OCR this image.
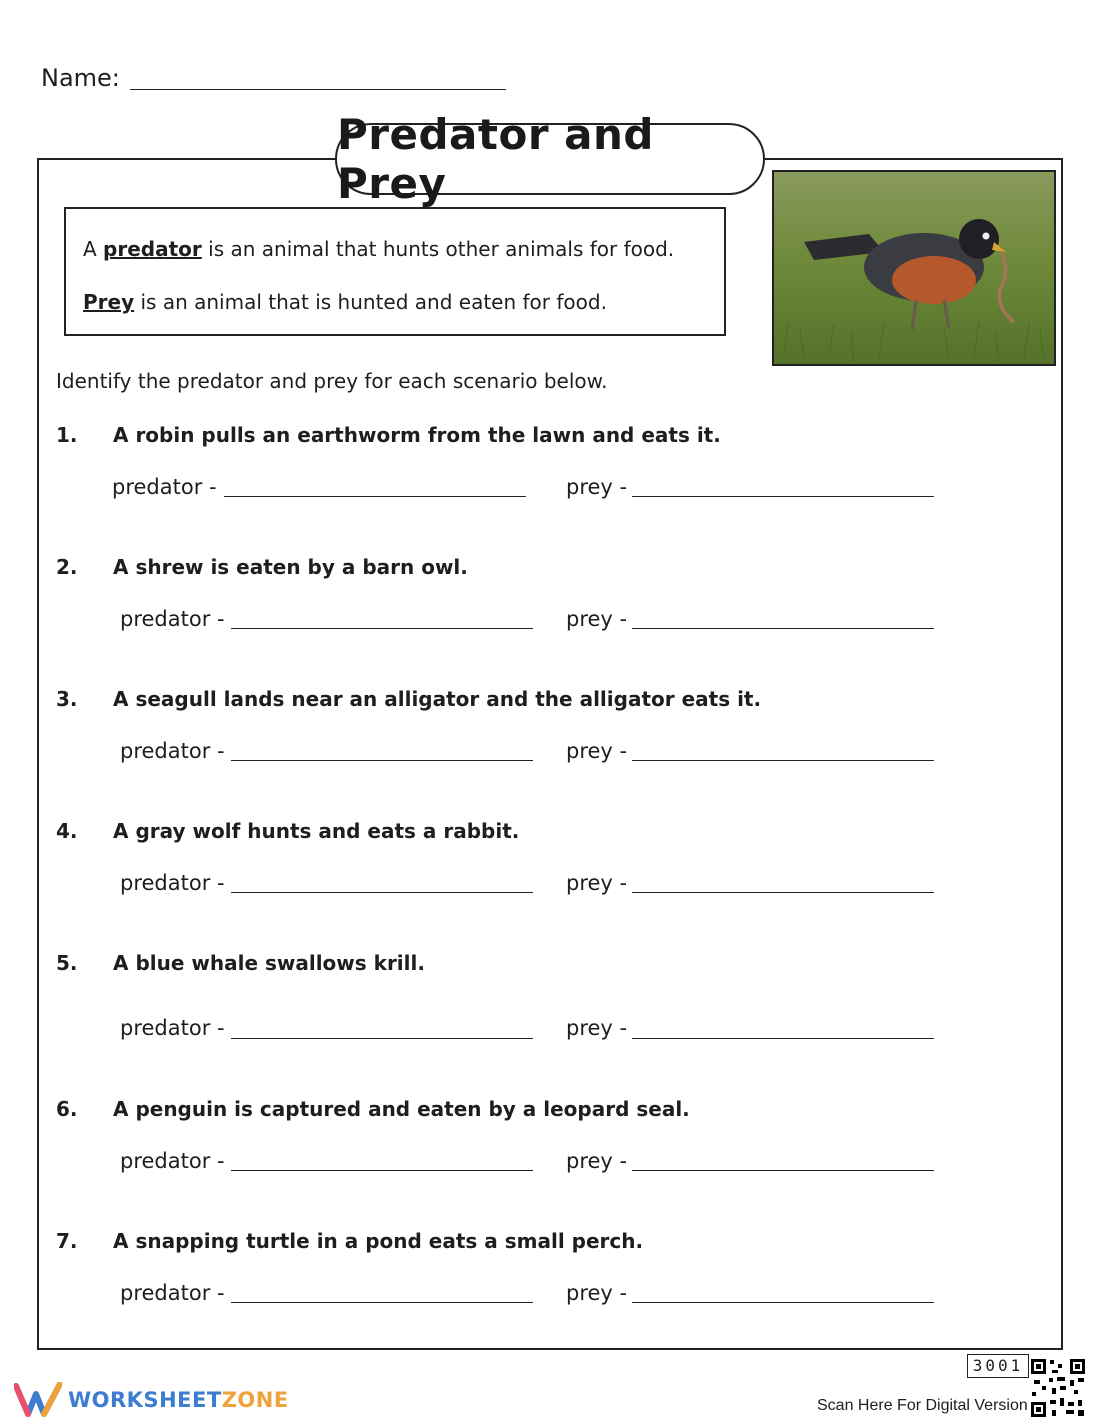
Name:
Predator and Prey
A predator is an animal that hunts other animals for food.
Prey is an animal that is hunted and eaten for food.
Identify the predator and prey for each scenario below.
1. A robin pulls an earthworm from the lawn and eats it.
predator -	prey -
2. A shrew is eaten by a barn owl.
predator -	prey -
3. A seagull lands near an alligator and the alligator eats it.
predator -	prey -
4. A gray wolf hunts and eats a rabbit.
predator -	prey -
5. A blue whale swallows krill.
predator -	prey -
6. A penguin is captured and eaten by a leopard seal.
predator -	prey -
7. A snapping turtle in a pond eats a small perch.
predator -	prey -
WORKSHEETZONE
3001
Scan Here For Digital Version
